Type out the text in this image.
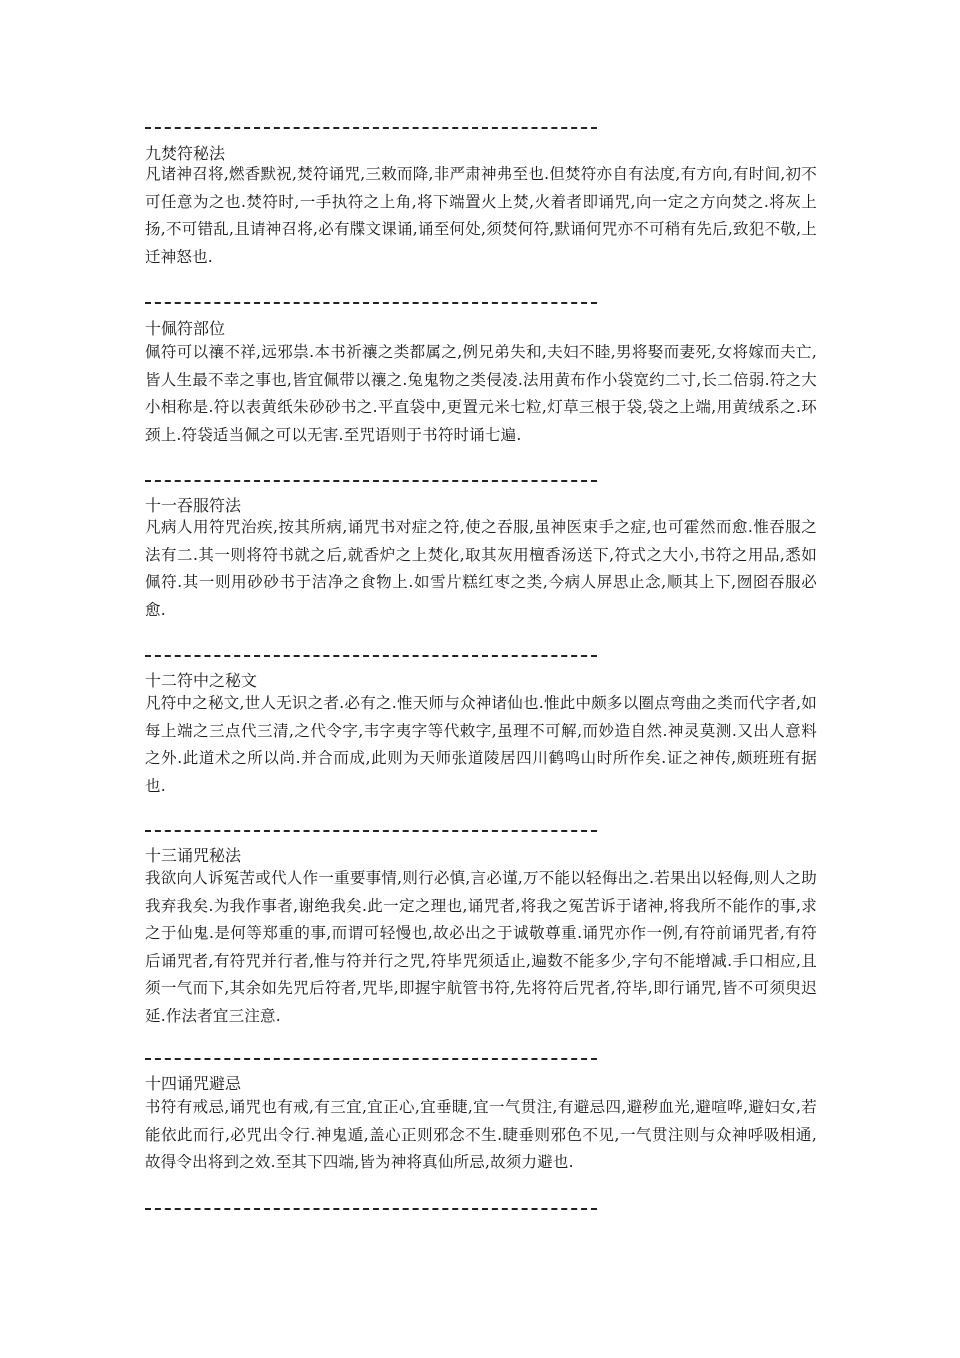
九焚符秘法

凡诸神召将,燃香默祝,焚符诵咒,三敕而降,非严肃神弗至也.但焚符亦自有法度,有方向,有时间,初不可任意为之也.焚符时,一手执符之上角,将下端置火上焚,火着者即诵咒,向一定之方向焚之.将灰上扬,不可错乱,且请神召将,必有牒文课诵,诵至何处,须焚何符,默诵何咒亦不可稍有先后,致犯不敬,上迁神怒也.

十佩符部位

佩符可以禳不祥,远邪祟.本书祈禳之类都属之,例兄弟失和,夫妇不睦,男将娶而妻死,女将嫁而夫亡,皆人生最不幸之事也,皆宜佩带以禳之.兔鬼物之类侵凌.法用黄布作小袋宽约二寸,长二倍弱.符之大小相称是.符以表黄纸朱砂砂书之.平直袋中,更置元米七粒,灯草三根于袋,袋之上端,用黄绒系之.环颈上.符袋适当佩之可以无害.至咒语则于书符时诵七遍.

十一吞服符法

凡病人用符咒治疾,按其所病,诵咒书对症之符,使之吞服,虽神医束手之症,也可霍然而愈.惟吞服之法有二.其一则将符书就之后,就香炉之上焚化,取其灰用檀香汤送下,符式之大小,书符之用品,悉如佩符.其一则用砂砂书于洁净之食物上.如雪片糕红枣之类,今病人屏思止念,顺其上下,囫囵吞服必愈.

十二符中之秘文

凡符中之秘文,世人无识之者.必有之.惟天师与众神诸仙也.惟此中颇多以圈点弯曲之类而代字者,如每上端之三点代三清,之代令字,韦字夷字等代敕字,虽理不可解,而妙造自然.神灵莫测.又出人意料之外.此道术之所以尚.并合而成,此则为天师张道陵居四川鹤鸣山时所作矣.证之神传,颇班班有据也.

十三诵咒秘法

我欲向人诉冤苦或代人作一重要事情,则行必慎,言必谨,万不能以轻侮出之.若果出以轻侮,则人之助我弃我矣.为我作事者,谢绝我矣.此一定之理也,诵咒者,将我之冤苦诉于诸神,将我所不能作的事,求之于仙鬼.是何等郑重的事,而谓可轻慢也,故必出之于诚敬尊重.诵咒亦作一例,有符前诵咒者,有符后诵咒者,有符咒并行者,惟与符并行之咒,符毕咒须适止,遍数不能多少,字句不能增减.手口相应,且须一气而下,其余如先咒后符者,咒毕,即握宇航管书符,先将符后咒者,符毕,即行诵咒,皆不可须臾迟延.作法者宜三注意.

十四诵咒避忌

书符有戒忌,诵咒也有戒,有三宜,宜正心,宜垂睫,宜一气贯注,有避忌四,避秽血光,避喧哗,避妇女,若能依此而行,必咒出令行.神鬼遁,盖心正则邪念不生.睫垂则邪色不见,一气贯注则与众神呼吸相通,故得令出将到之效.至其下四端,皆为神将真仙所忌,故须力避也.
